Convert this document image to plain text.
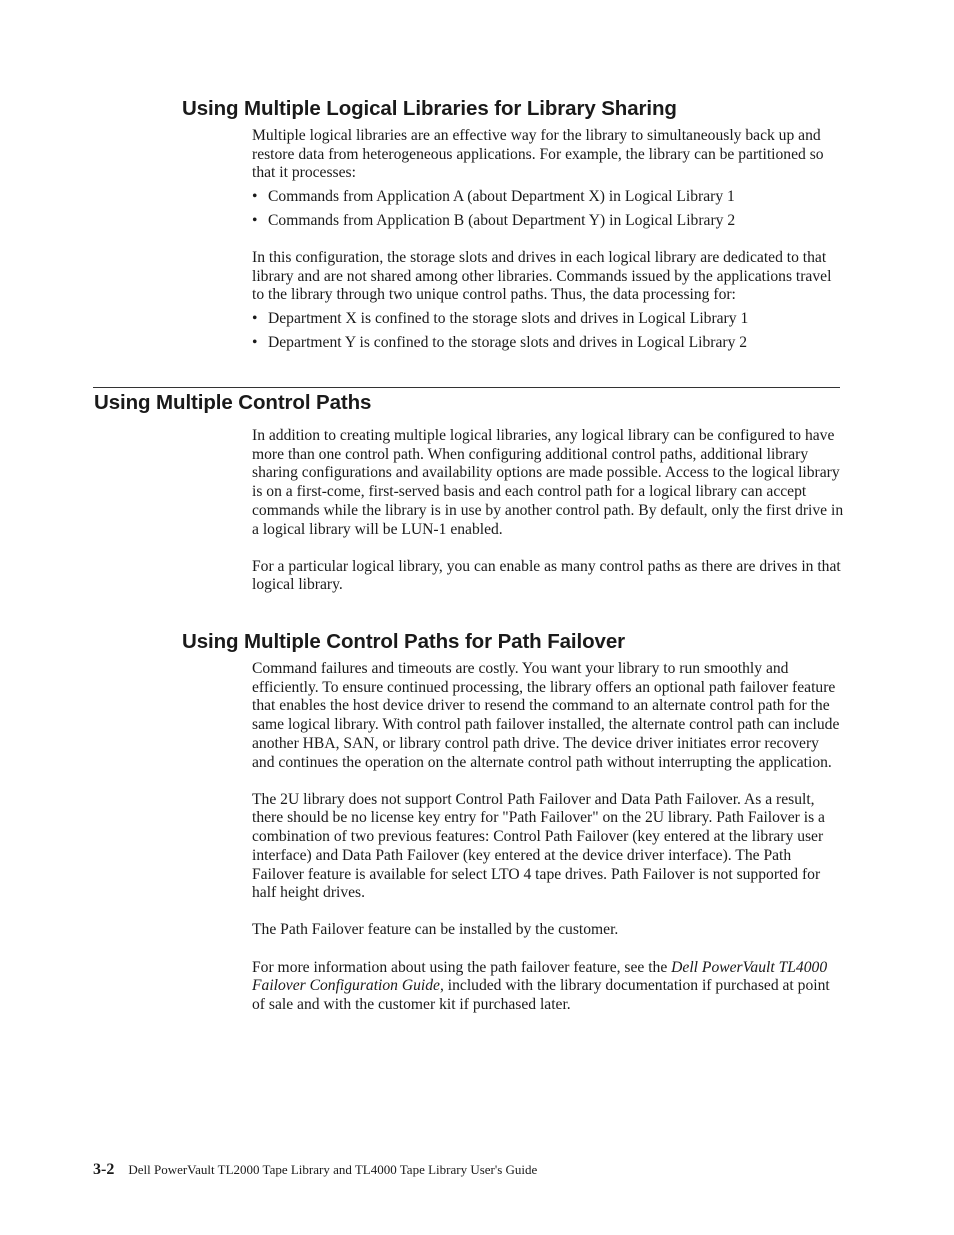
Using Multiple Logical Libraries for Library Sharing

Multiple logical libraries are an effective way for the library to simultaneously back up and restore data from heterogeneous applications. For example, the library can be partitioned so that it processes:

• Commands from Application A (about Department X) in Logical Library 1
• Commands from Application B (about Department Y) in Logical Library 2

In this configuration, the storage slots and drives in each logical library are dedicated to that library and are not shared among other libraries. Commands issued by the applications travel to the library through two unique control paths. Thus, the data processing for:

• Department X is confined to the storage slots and drives in Logical Library 1
• Department Y is confined to the storage slots and drives in Logical Library 2
Using Multiple Control Paths

In addition to creating multiple logical libraries, any logical library can be configured to have more than one control path. When configuring additional control paths, additional library sharing configurations and availability options are made possible. Access to the logical library is on a first-come, first-served basis and each control path for a logical library can accept commands while the library is in use by another control path. By default, only the first drive in a logical library will be LUN-1 enabled.

For a particular logical library, you can enable as many control paths as there are drives in that logical library.

Using Multiple Control Paths for Path Failover

Command failures and timeouts are costly. You want your library to run smoothly and efficiently. To ensure continued processing, the library offers an optional path failover feature that enables the host device driver to resend the command to an alternate control path for the same logical library. With control path failover installed, the alternate control path can include another HBA, SAN, or library control path drive. The device driver initiates error recovery and continues the operation on the alternate control path without interrupting the application.

The 2U library does not support Control Path Failover and Data Path Failover. As a result, there should be no license key entry for "Path Failover" on the 2U library. Path Failover is a combination of two previous features: Control Path Failover (key entered at the library user interface) and Data Path Failover (key entered at the device driver interface). The Path Failover feature is available for select LTO 4 tape drives. Path Failover is not supported for half height drives.

The Path Failover feature can be installed by the customer.

For more information about using the path failover feature, see the Dell PowerVault TL4000 Failover Configuration Guide, included with the library documentation if purchased at point of sale and with the customer kit if purchased later.

3-2 Dell PowerVault TL2000 Tape Library and TL4000 Tape Library User's Guide
